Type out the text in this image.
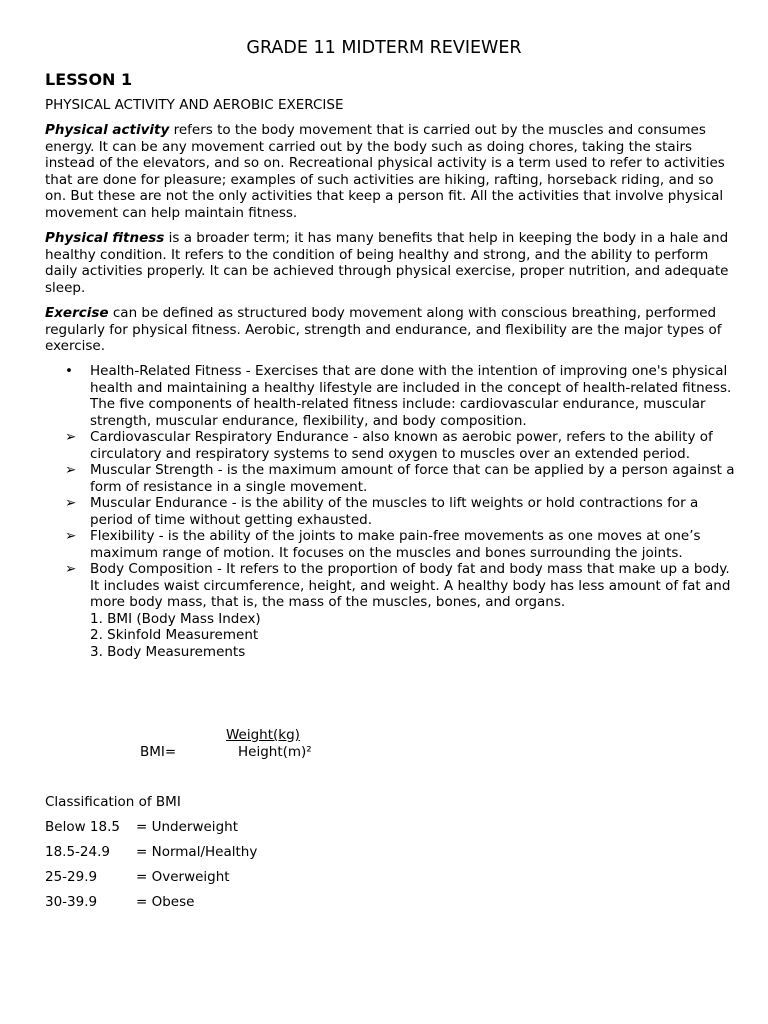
GRADE 11 MIDTERM REVIEWER
LESSON 1
PHYSICAL ACTIVITY AND AEROBIC EXERCISE

Physical activity refers to the body movement that is carried out by the muscles and consumes energy. It can be any movement carried out by the body such as doing chores, taking the stairs instead of the elevators, and so on. Recreational physical activity is a term used to refer to activities that are done for pleasure; examples of such activities are hiking, rafting, horseback riding, and so on. But these are not the only activities that keep a person fit. All the activities that involve physical movement can help maintain fitness.

Physical fitness is a broader term; it has many benefits that help in keeping the body in a hale and healthy condition. It refers to the condition of being healthy and strong, and the ability to perform daily activities properly. It can be achieved through physical exercise, proper nutrition, and adequate sleep.

Exercise can be defined as structured body movement along with conscious breathing, performed regularly for physical fitness. Aerobic, strength and endurance, and flexibility are the major types of exercise.

•	Health-Related Fitness - Exercises that are done with the intention of improving one's physical health and maintaining a healthy lifestyle are included in the concept of health-related fitness. The five components of health-related fitness include: cardiovascular endurance, muscular strength, muscular endurance, flexibility, and body composition.
➢	Cardiovascular Respiratory Endurance - also known as aerobic power, refers to the ability of circulatory and respiratory systems to send oxygen to muscles over an extended period.
➢	Muscular Strength - is the maximum amount of force that can be applied by a person against a form of resistance in a single movement.
➢	Muscular Endurance - is the ability of the muscles to lift weights or hold contractions for a period of time without getting exhausted.
➢	Flexibility - is the ability of the joints to make pain-free movements as one moves at one’s maximum range of motion. It focuses on the muscles and bones surrounding the joints.
➢	Body Composition - It refers to the proportion of body fat and body mass that make up a body. It includes waist circumference, height, and weight. A healthy body has less amount of fat and more body mass, that is, the mass of the muscles, bones, and organs.
1. BMI (Body Mass Index)
2. Skinfold Measurement
3. Body Measurements
Weight(kg)
BMI=	Height(m)²
Classification of BMI
Below 18.5 = Underweight
18.5-24.9 = Normal/Healthy
25-29.9	= Overweight
30-39.9	= Obese
